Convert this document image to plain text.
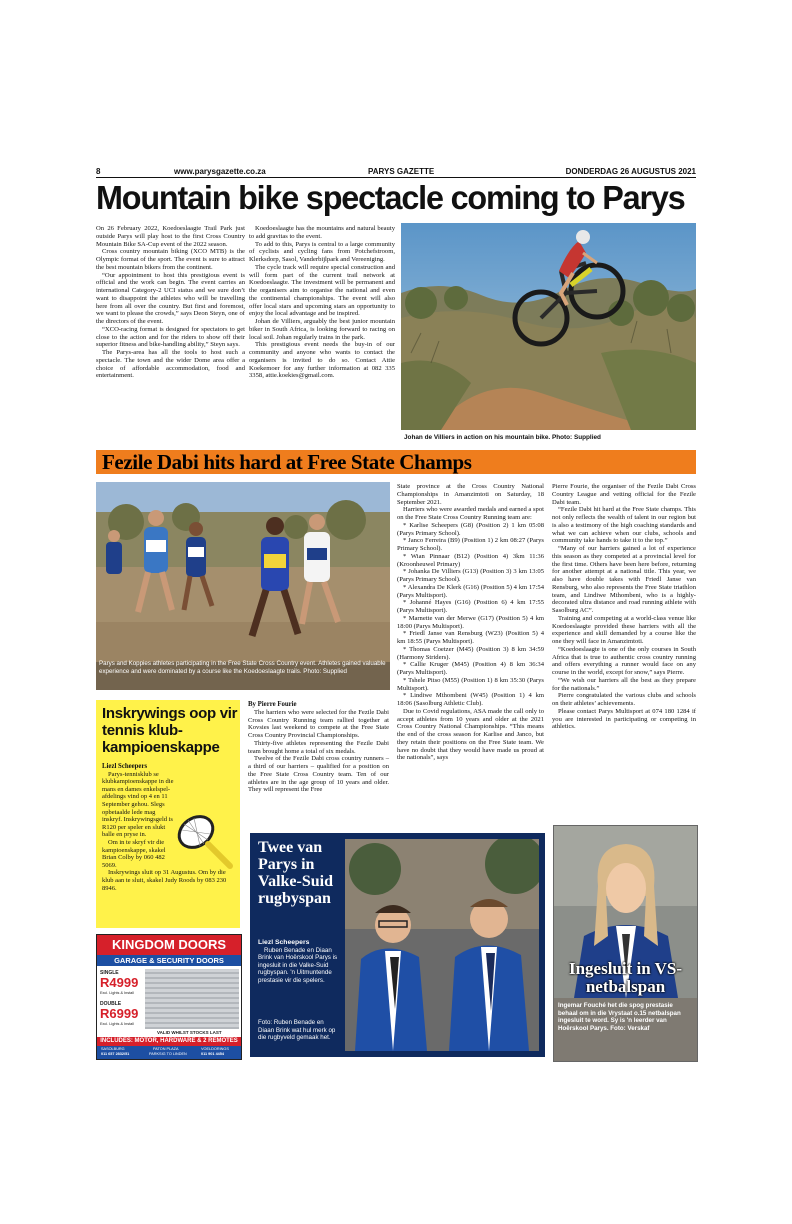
8	www.parysgazette.co.za	PARYS GAZETTE	DONDERDAG 26 AUGUSTUS 2021
Mountain bike spectacle coming to Parys

On 26 February 2022, Koedoeslaagte Trail Park just outside Parys will play host to the first Cross Country Mountain Bike SA-Cup event of the 2022 season.

Cross country mountain biking (XCO MTB) is the Olympic format of the sport. The event is sure to attract the best mountain bikers from the continent.

“Our appointment to host this prestigious event is official and the work can begin. The event carries an international Category-2 UCI status and we sure don’t want to disappoint the athletes who will be travelling here from all over the country. But first and foremost, we want to please the crowds,” says Deon Steyn, one of the directors of the event.

“XCO-racing format is designed for spectators to get close to the action and for the riders to show off their superior fitness and bike-handling ability,” Steyn says.

The Parys-area has all the tools to host such a spectacle. The town and the wider Dome area offer a choice of affordable accommodation, food and entertainment.

Koedoeslaagte has the mountains and natural beauty to add gravitas to the event.

To add to this, Parys is central to a large community of cyclists and cycling fans from Potchefstroom, Klerksdorp, Sasol, Vanderbijlpark and Vereeniging.

The cycle track will require special construction and will form part of the current trail network at Koedoeslaagte. The investment will be permanent and the organisers aim to organise the national and even the continental championships. The event will also offer local stars and upcoming stars an opportunity to enjoy the local advantage and be inspired.

Johan de Villiers, arguably the best junior mountain biker in South Africa, is looking forward to racing on local soil. Johan regularly trains in the park.

This prestigious event needs the buy-in of our community and anyone who wants to contact the organisers is invited to do so. Contact Attie Koekemoer for any further information at 082 335 3358, attie.koekies@gmail.com.

Johan de Villiers in action on his mountain bike. Photo: Supplied
Fezile Dabi hits hard at Free State Champs
Parys and Koppies athletes participating in the Free State Cross Country event. Athletes gained valuable experience and were dominated by a course like the Koedoeslaagte trails. Photo: Supplied

By Pierre Fourie

The harriers who were selected for the Fezile Dabi Cross Country Running team rallied together at Kovsies last weekend to compete at the Free State Cross Country Provincial Championships.

Thirty-five athletes representing the Fezile Dabi team brought home a total of six medals.

Twelve of the Fezile Dabi cross country runners – a third of our harriers – qualified for a position on the Free State Cross Country team. Ten of our athletes are in the age group of 10 years and older. They will represent the Free

State province at the Cross Country National Championships in Amanzimtoti on Saturday, 18 September 2021.

Harriers who were awarded medals and earned a spot on the Free State Cross Country Running team are:

* Karlise Scheepers (G8) (Position 2) 1 km 05:08 (Parys Primary School).

* Janco Ferreira (B9) (Position 1) 2 km 08:27 (Parys Primary School).

* Wian Pinnaar (B12) (Position 4) 3km 11:36 (Kroonheuwel Primary)

* Johanka De Villiers (G13) (Position 3) 3 km 13:05 (Parys Primary School).

* Alexandra De Klerk (G16) (Position 5) 4 km 17:54 (Parys Multisport).

* Johanné Hayes (G16) (Position 6) 4 km 17:55 (Parys Multisport).

* Marnette van der Merwe (G17) (Position 5) 4 km 18:00 (Parys Multisport).

* Friedl Janse van Rensburg (W23) (Position 5) 4 km 18:55 (Parys Multisport).

* Thomas Coetzer (M45) (Position 3) 8 km 34:59 (Harmony Striders).

* Callie Kruger (M45) (Position 4) 8 km 36:34 (Parys Multisport).

* Tshele Pitso (M55) (Position 1) 8 km 35:30 (Parys Multisport).

* Lindiwe Mthombeni (W45) (Position 1) 4 km 18:06 (Sasolburg Athletic Club).

Due to Covid regulations, ASA made the call only to accept athletes from 10 years and older at the 2021 Cross Country National Championships. “This means the end of the cross season for Karlise and Janco, but they retain their positions on the Free State team. We have no doubt that they would have made us proud at the nationals”, says

Pierre Fourie, the organiser of the Fezile Dabi Cross Country League and vetting official for the Fezile Dabi team.

“Fezile Dabi hit hard at the Free State champs. This not only reflects the wealth of talent in our region but is also a testimony of the high coaching standards and what we can achieve when our clubs, schools and community take hands to take it to the top.”

“Many of our harriers gained a lot of experience this season as they competed at a provincial level for the first time. Others have been here before, returning for another attempt at a national title. This year, we also have double takes with Friedl Janse van Rensburg, who also represents the Free State triathlon team, and Lindiwe Mthombeni, who is a highly-decorated ultra distance and road running athlete with Sasolburg AC”.

Training and competing at a world-class venue like Koedoeslaagte provided these harriers with all the experience and skill demanded by a course like the one they will face in Amanzimtoti.

“Koedoeslaagte is one of the only courses in South Africa that is true to authentic cross country running and offers everything a runner would face on any course in the world, except for snow,” says Pierre.

“We wish our harriers all the best as they prepare for the nationals.”

Pierre congratulated the various clubs and schools on their athletes’ achievements.

Please contact Parys Multisport at 074 180 1284 if you are interested in participating or competing in athletics.

Inskrywings oop vir tennis klub-kampioenskappe

Liezl Scheepers

Parys-tennisklub se klubkampioenskappe in die mans en dames enkelspel-afdelings vind op 4 en 11 September gehou. Slegs opbetaalde lede mag inskryf. Inskrywingsgeld is R120 per speler en slukt balle en pryse in.

Om in te skryf vir die kampioenskappe, skakel Brian Colby by 060 482 5069.

Inskrywings sluit op 31 Augustus. Om by die klub aan te sluit, skakel Judy Roods by 083 230 8946.

KINGDOM DOORS
GARAGE & SECURITY DOORS
SINGLE
R4999
Excl. Lights & Install
DOUBLE
R6999
Excl. Lights & Install
VALID WHILST STOCKS LAST
INCLUDES: MOTOR, HARDWARE & 2 REMOTES
SASOLBURG	PATON PLAZA	VOELDORINGS
011 657 2832/51	PARKSIG TO LINDEN	011 901 4454
Twee van Parys in Valke-Suid rugbyspan

Liezl Scheepers

Ruben Benade en Diaan Brink van Hoërskool Parys is ingesluit in die Valke-Suid rugbyspan. 'n Uitmuntende prestasie vir die spelers.

Foto: Ruben Benade en Diaan Brink wat hul merk op die rugbyveld gemaak het.
Ingesluit in VS-netbalspan
Ingemar Fouché het die spog prestasie behaal om in die Vrystaat o.15 netbalspan ingesluit te word. Sy is 'n leerder van Hoërskool Parys. Foto: Verskaf
